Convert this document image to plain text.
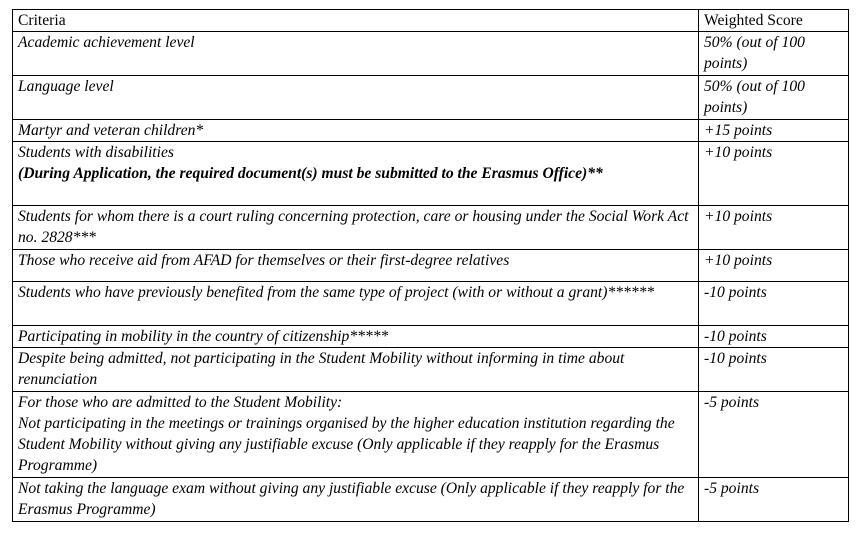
Criteria	Weighted Score
Academic achievement level	50% (out of 100 points)
Language level	50% (out of 100 points)
Martyr and veteran children*	+15 points

Students with disabilities
(During Application, the required document(s) must be submitted to the Erasmus Office)**	+10 points
Students for whom there is a court ruling concerning protection, care or housing under the Social Work Act no. 2828***	+10 points
Those who receive aid from AFAD for themselves or their first-degree relatives	+10 points
Students who have previously benefited from the same type of project (with or without a grant)******	-10 points
Participating in mobility in the country of citizenship*****	-10 points
Despite being admitted, not participating in the Student Mobility without informing in time about renunciation	-10 points

For those who are admitted to the Student Mobility:
Not participating in the meetings or trainings organised by the higher education institution regarding the Student Mobility without giving any justifiable excuse (Only applicable if they reapply for the Erasmus Programme)	-5 points
Not taking the language exam without giving any justifiable excuse (Only applicable if they reapply for the Erasmus Programme)	-5 points
